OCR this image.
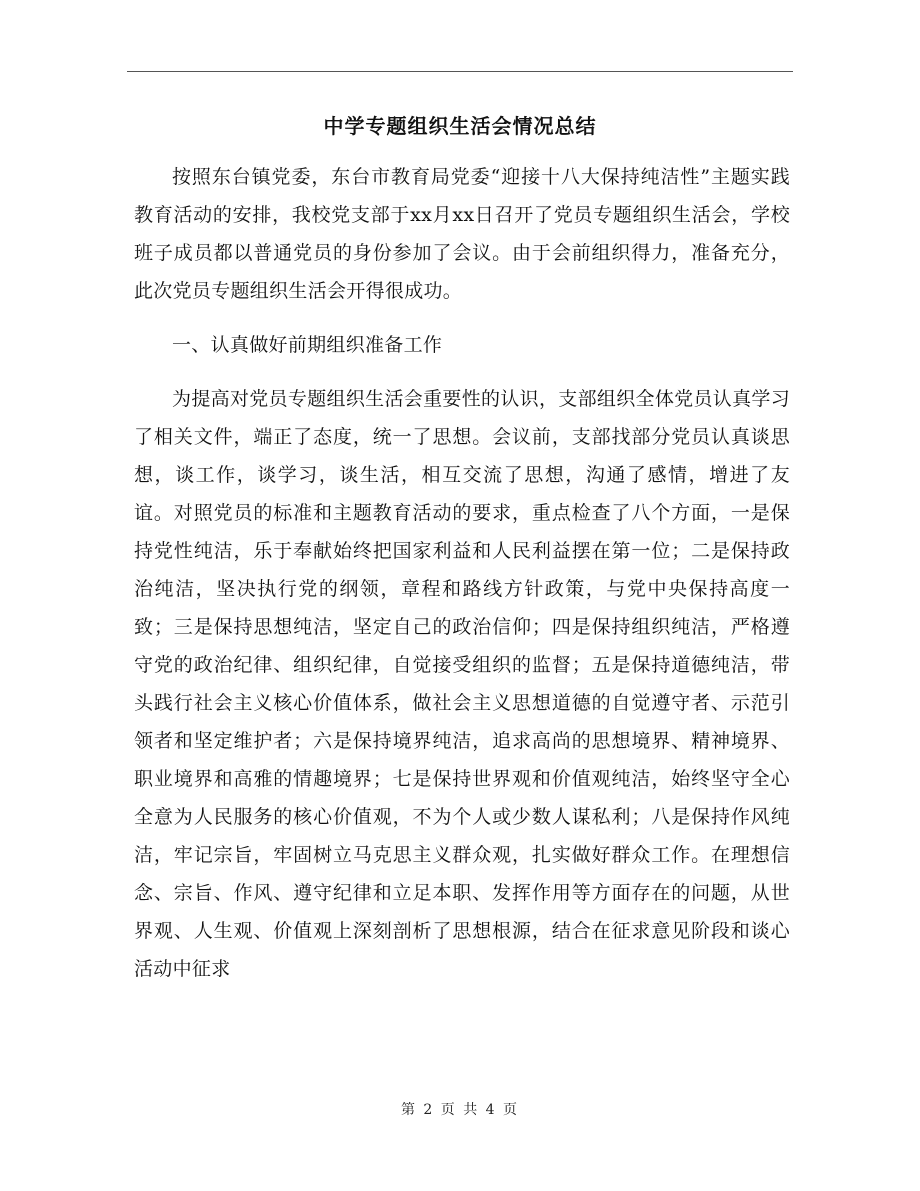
中学专题组织生活会情况总结

按照东台镇党委，东台市教育局党委“迎接十八大保持纯洁性”主题实践教育活动的安排，我校党支部于xx月xx日召开了党员专题组织生活会，学校班子成员都以普通党员的身份参加了会议。由于会前组织得力，准备充分，此次党员专题组织生活会开得很成功。

一、认真做好前期组织准备工作

为提高对党员专题组织生活会重要性的认识，支部组织全体党员认真学习了相关文件，端正了态度，统一了思想。会议前，支部找部分党员认真谈思想，谈工作，谈学习，谈生活，相互交流了思想，沟通了感情，增进了友谊。对照党员的标准和主题教育活动的要求，重点检查了八个方面，一是保持党性纯洁，乐于奉献始终把国家利益和人民利益摆在第一位；二是保持政治纯洁，坚决执行党的纲领，章程和路线方针政策，与党中央保持高度一致；三是保持思想纯洁，坚定自己的政治信仰；四是保持组织纯洁，严格遵守党的政治纪律、组织纪律，自觉接受组织的监督；五是保持道德纯洁，带头践行社会主义核心价值体系，做社会主义思想道德的自觉遵守者、示范引领者和坚定维护者；六是保持境界纯洁，追求高尚的思想境界、精神境界、职业境界和高雅的情趣境界；七是保持世界观和价值观纯洁，始终坚守全心全意为人民服务的核心价值观，不为个人或少数人谋私利；八是保持作风纯洁，牢记宗旨，牢固树立马克思主义群众观，扎实做好群众工作。在理想信念、宗旨、作风、遵守纪律和立足本职、发挥作用等方面存在的问题，从世界观、人生观、价值观上深刻剖析了思想根源，结合在征求意见阶段和谈心活动中征求

第 2 页 共 4 页
